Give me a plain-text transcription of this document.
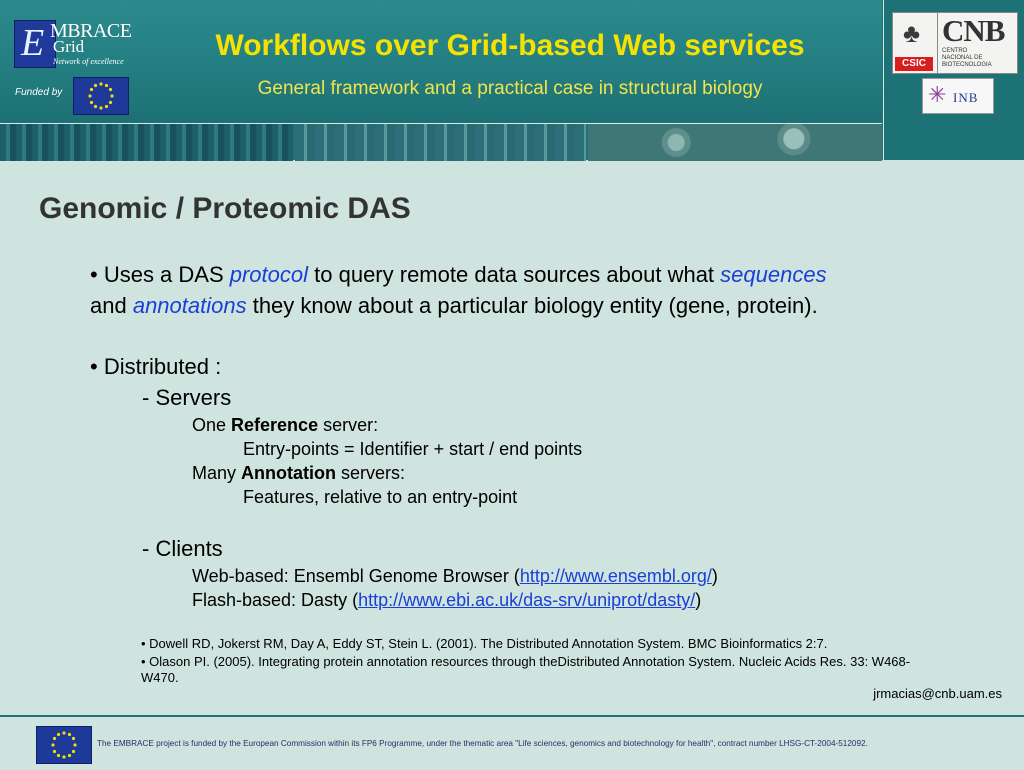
E MBRACE
Grid
Network of excellence
Funded by
Workflows over Grid-based Web services
General framework and a practical case in structural biology
♣
CSIC
CNB
CENTRO
NACIONAL DE
BIOTECNOLOGIA
✳ INB
Genomic / Proteomic DAS
• Uses a DAS protocol to query remote data sources about what sequences
and annotations they know about a particular biology entity (gene, protein).
• Distributed :
- Servers
One Reference server:
Entry-points = Identifier + start / end points
Many Annotation servers:
Features, relative to an entry-point
- Clients
Web-based: Ensembl Genome Browser (http://www.ensembl.org/)
Flash-based: Dasty (http://www.ebi.ac.uk/das-srv/uniprot/dasty/)
• Dowell RD, Jokerst RM, Day A, Eddy ST, Stein L. (2001). The Distributed Annotation System. BMC Bioinformatics 2:7.
• Olason PI. (2005). Integrating protein annotation resources through theDistributed Annotation System. Nucleic Acids Res. 33: W468-
W470.
jrmacias@cnb.uam.es
The EMBRACE project is funded by the European Commission within its FP6 Programme, under the thematic area "Life sciences, genomics and biotechnology for health", contract number LHSG-CT-2004-512092.
